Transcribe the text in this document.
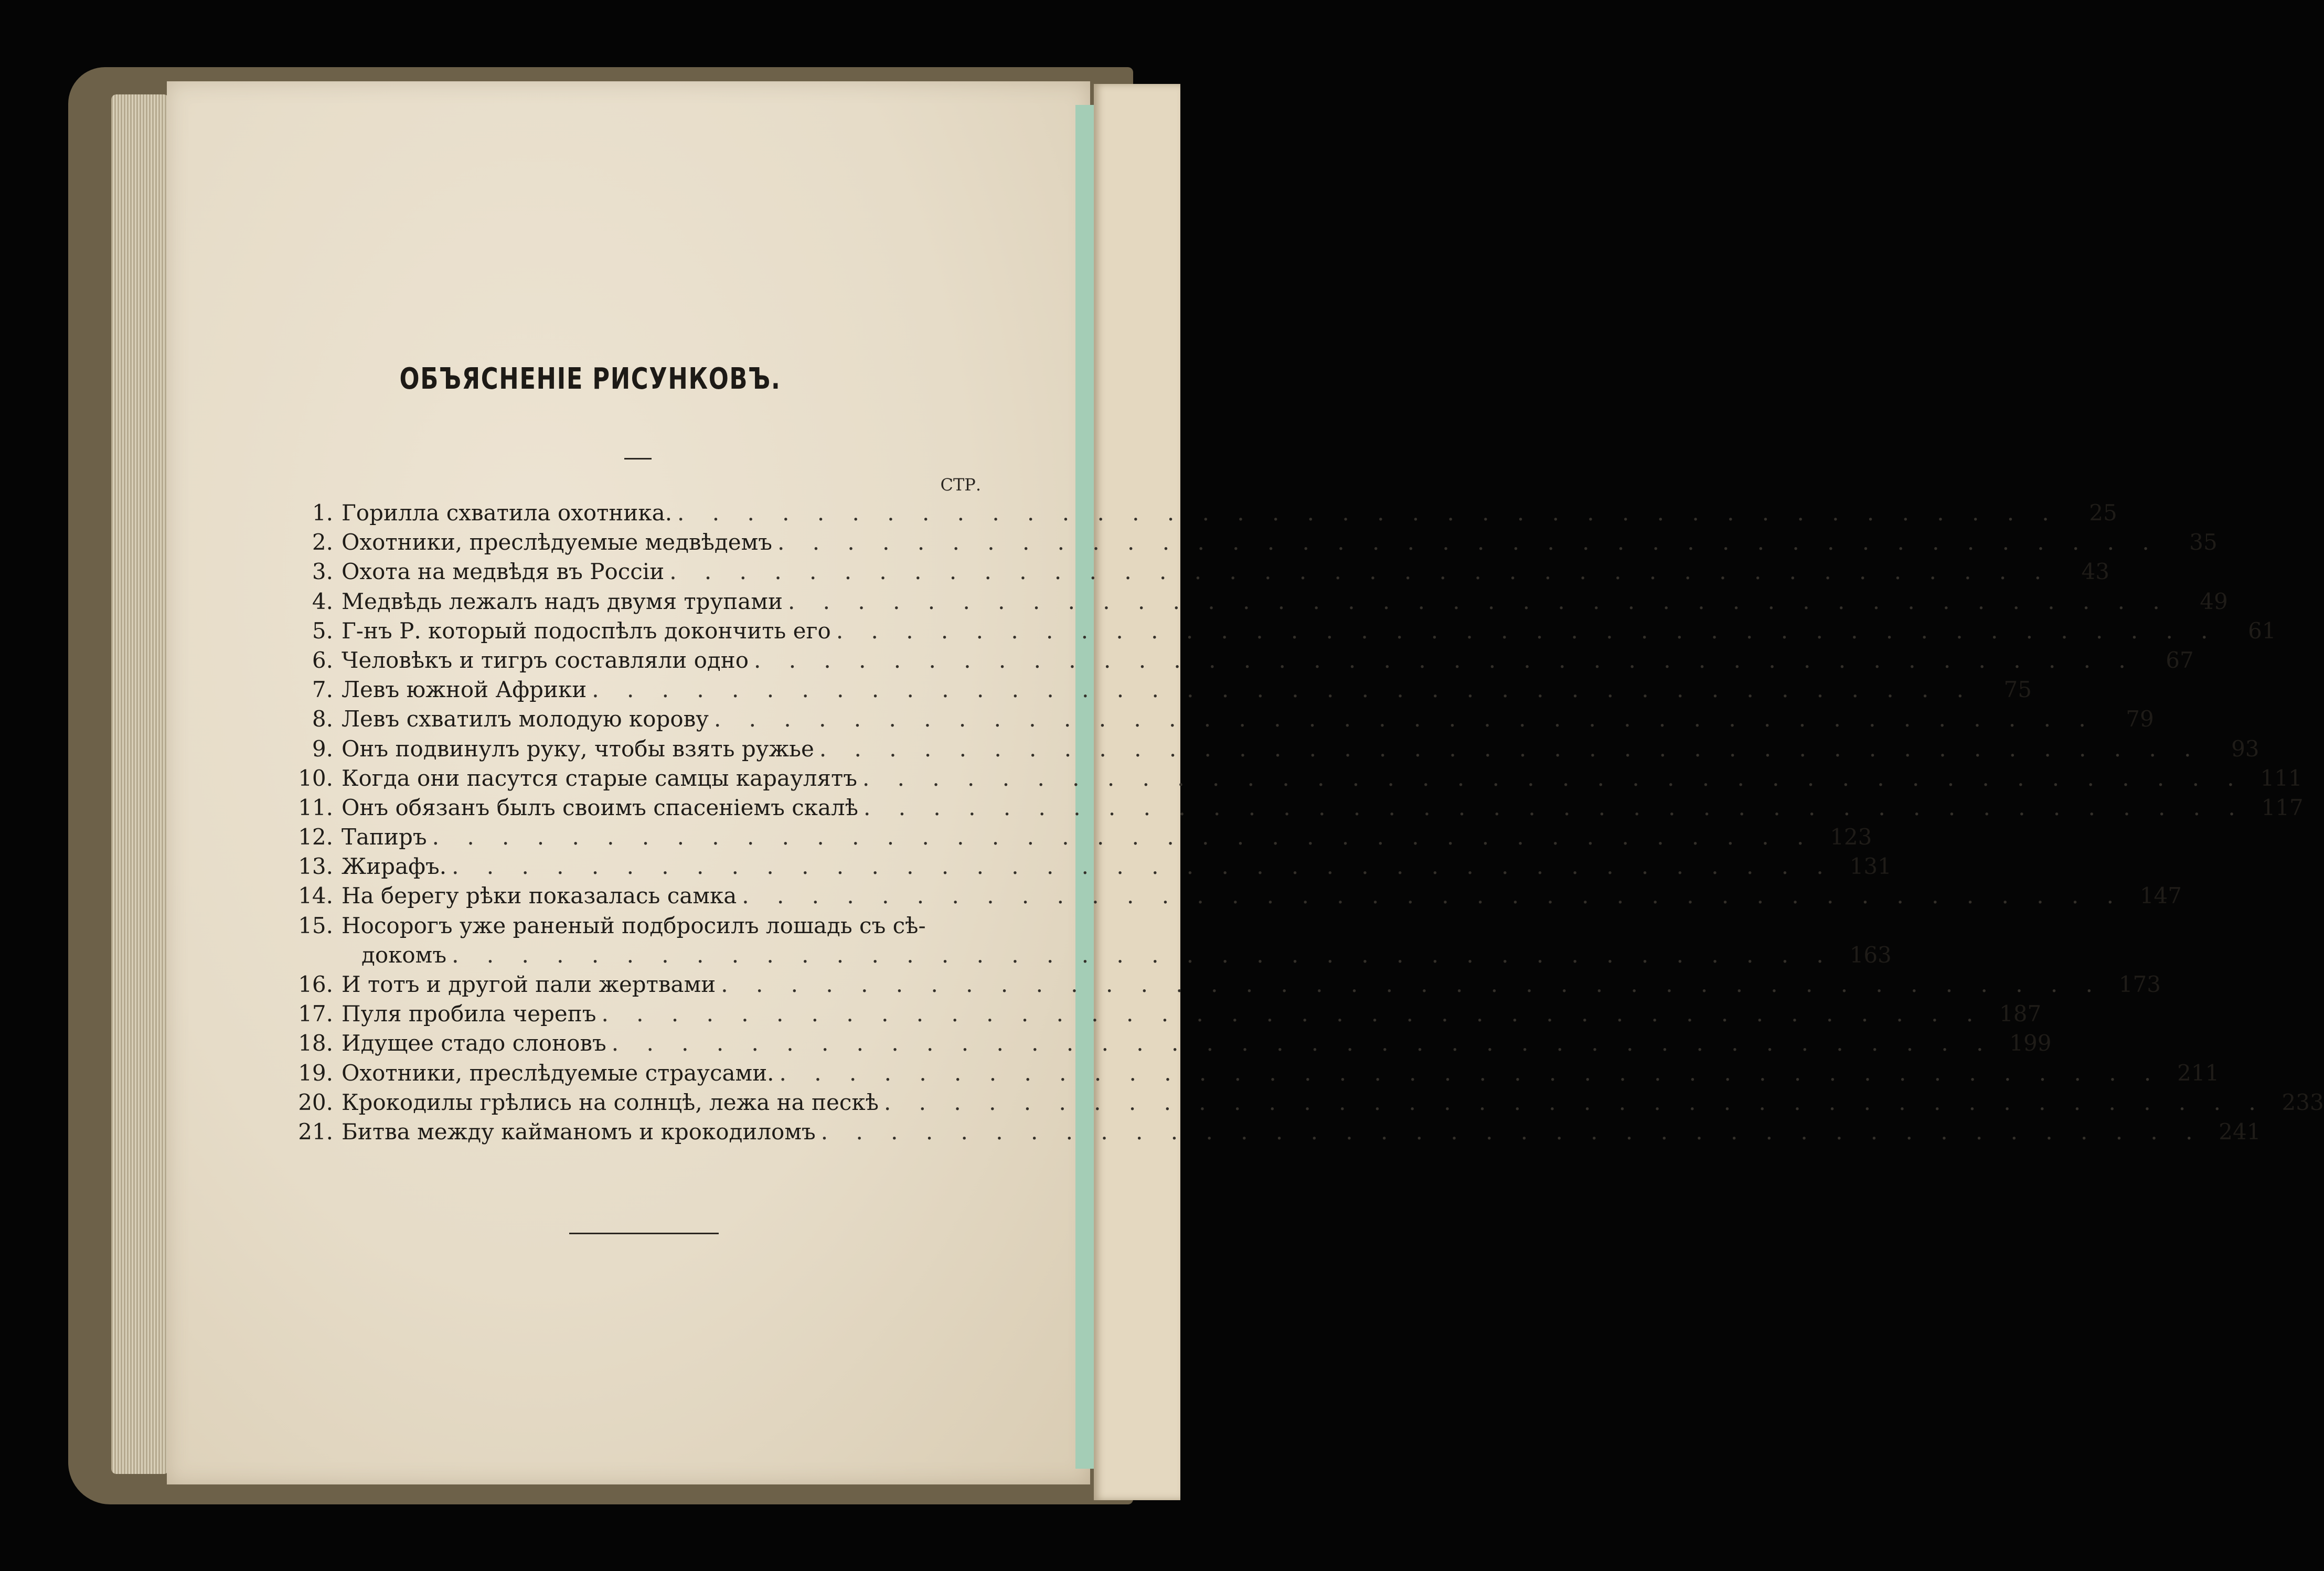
ОБЪЯСНЕНІЕ РИСУНКОВЪ.
СТР.
1. Горилла схватила охотника. . . . . . . . . . . . . . . . . . . . . . . . . . . . . . . . . . . . . . . . .	25
2. Охотники, преслѣдуемые медвѣдемъ . . . . . . . . . . . . . . . . . . . . . . . . . . . . . . . . . . . . . . . .	35
3. Охота на медвѣдя въ Россіи . . . . . . . . . . . . . . . . . . . . . . . . . . . . . . . . . . . . . . . .	43
4. Медвѣдь лежалъ надъ двумя трупами . . . . . . . . . . . . . . . . . . . . . . . . . . . . . . . . . . . . . . . .	49
5. Г-нъ Р. который подоспѣлъ докончить его . . . . . . . . . . . . . . . . . . . . . . . . . . . . . . . . . . . . . . . .	61
6. Человѣкъ и тигръ составляли одно . . . . . . . . . . . . . . . . . . . . . . . . . . . . . . . . . . . . . . . .	67
7. Левъ южной Африки . . . . . . . . . . . . . . . . . . . . . . . . . . . . . . . . . . . . . . . .	75
8. Левъ схватилъ молодую корову . . . . . . . . . . . . . . . . . . . . . . . . . . . . . . . . . . . . . . . .	79
9. Онъ подвинулъ руку, чтобы взять ружье . . . . . . . . . . . . . . . . . . . . . . . . . . . . . . . . . . . . . . . .	93
10. Когда они пасутся старые самцы караулятъ . . . . . . . . . . . . . . . . . . . . . . . . . . . . . . . . . . . . . . . . 111
11. Онъ обязанъ былъ своимъ спасенiемъ скалѣ . . . . . . . . . . . . . . . . . . . . . . . . . . . . . . . . . . . . . . . . 117
12. Тапиръ . . . . . . . . . . . . . . . . . . . . . . . . . . . . . . . . . . . . . . . . 123
13. Жирафъ. . . . . . . . . . . . . . . . . . . . . . . . . . . . . . . . . . . . . . . . . 131
14. На берегу рѣки показалась самка . . . . . . . . . . . . . . . . . . . . . . . . . . . . . . . . . . . . . . . . 147
15. Носорогъ уже раненый подбросилъ лошадь съ сѣ-
докомъ . . . . . . . . . . . . . . . . . . . . . . . . . . . . . . . . . . . . . . . . 163
16. И тотъ и другой пали жертвами . . . . . . . . . . . . . . . . . . . . . . . . . . . . . . . . . . . . . . . . 173
17. Пуля пробила черепъ . . . . . . . . . . . . . . . . . . . . . . . . . . . . . . . . . . . . . . . . 187
18. Идущее стадо слоновъ . . . . . . . . . . . . . . . . . . . . . . . . . . . . . . . . . . . . . . . . 199
19. Охотники, преслѣдуемые страусами. . . . . . . . . . . . . . . . . . . . . . . . . . . . . . . . . . . . . . . . . 211
20. Крокодилы грѣлись на солнцѣ, лежа на пескѣ . . . . . . . . . . . . . . . . . . . . . . . . . . . . . . . . . . . . . . . . 233
21. Битва между кайманомъ и крокодиломъ . . . . . . . . . . . . . . . . . . . . . . . . . . . . . . . . . . . . . . . . 241
